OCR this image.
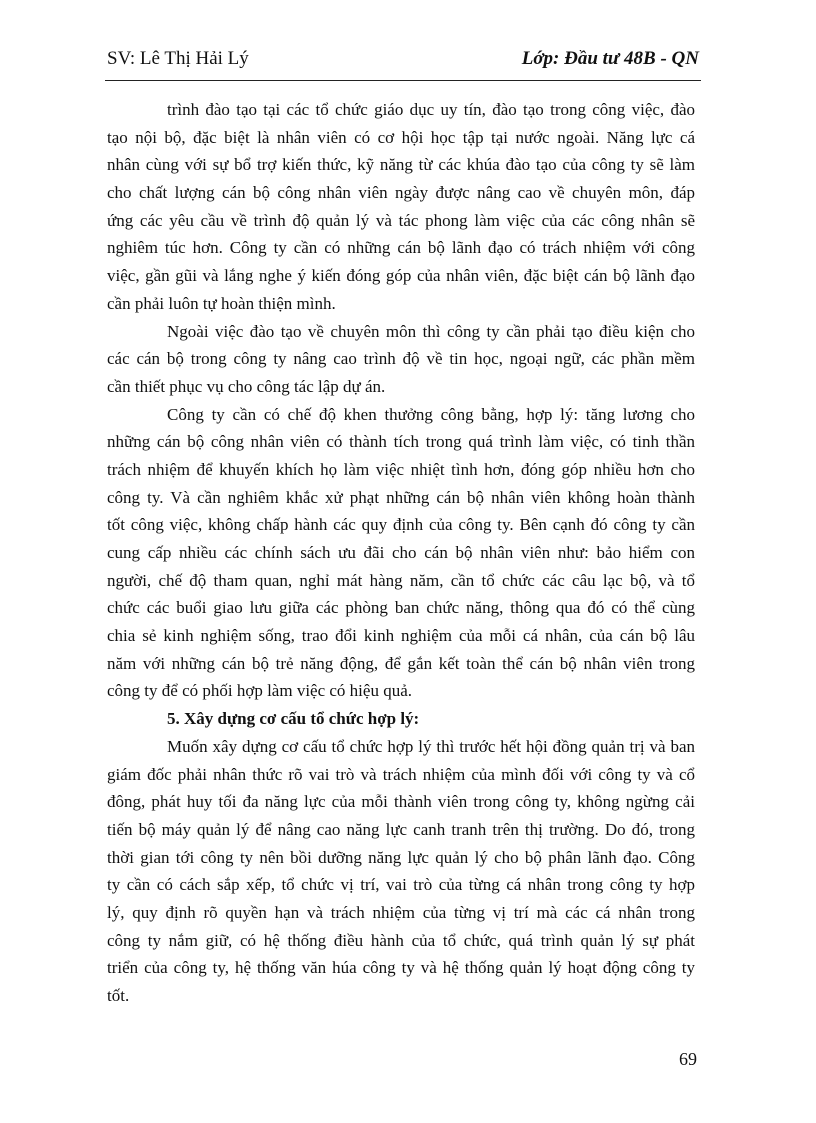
SV: Lê Thị Hải Lý	Lớp: Đầu tư 48B - QN
trình đào tạo tại các tổ chức giáo dục uy tín, đào tạo trong công việc, đào
tạo nội bộ, đặc biệt là nhân viên có cơ hội học tập tại nước ngoài. Năng lực cá
nhân cùng với sự bổ trợ kiến thức, kỹ năng từ các khúa đào tạo của công ty sẽ làm
cho chất lượng cán bộ công nhân viên ngày được nâng cao về chuyên môn, đáp
ứng các yêu cầu về trình độ quản lý và tác phong làm việc của các công nhân sẽ
nghiêm túc hơn. Công ty cần có những cán bộ lãnh đạo có trách nhiệm với công
việc, gần gũi và lắng nghe ý kiến đóng góp của nhân viên, đặc biệt cán bộ lãnh đạo
cần phải luôn tự hoàn thiện mình.
Ngoài việc đào tạo về chuyên môn thì công ty cần phải tạo điều kiện cho
các cán bộ trong công ty nâng cao trình độ về tin học, ngoại ngữ, các phần mềm
cần thiết phục vụ cho công tác lập dự án.
Công ty cần có chế độ khen thưởng công bằng, hợp lý: tăng lương cho
những cán bộ công nhân viên có thành tích trong quá trình làm việc, có tinh thần
trách nhiệm để khuyến khích họ làm việc nhiệt tình hơn, đóng góp nhiều hơn cho
công ty. Và cần nghiêm khắc xử phạt những cán bộ nhân viên không hoàn thành
tốt công việc, không chấp hành các quy định của công ty. Bên cạnh đó công ty cần
cung cấp nhiều các chính sách ưu đãi cho cán bộ nhân viên như: bảo hiểm con
người, chế độ tham quan, nghỉ mát hàng năm, cần tổ chức các câu lạc bộ, và tổ
chức các buổi giao lưu giữa các phòng ban chức năng, thông qua đó có thể cùng
chia sẻ kinh nghiệm sống, trao đổi kinh nghiệm của mỗi cá nhân, của cán bộ lâu
năm với những cán bộ trẻ năng động, để gắn kết toàn thể cán bộ nhân viên trong
công ty để có phối hợp làm việc có hiệu quả.
5. Xây dựng cơ cấu tổ chức hợp lý:
Muốn xây dựng cơ cấu tổ chức hợp lý thì trước hết hội đồng quản trị và ban
giám đốc phải nhân thức rõ vai trò và trách nhiệm của mình đối với công ty và cổ
đông, phát huy tối đa năng lực của mỗi thành viên trong công ty, không ngừng cải
tiến bộ máy quản lý để nâng cao năng lực canh tranh trên thị trường. Do đó, trong
thời gian tới công ty nên bồi dưỡng năng lực quản lý cho bộ phân lãnh đạo. Công
ty cần có cách sắp xếp, tổ chức vị trí, vai trò của từng cá nhân trong công ty hợp
lý, quy định rõ quyền hạn và trách nhiệm của từng vị trí mà các cá nhân trong
công ty nắm giữ, có hệ thống điều hành của tổ chức, quá trình quản lý sự phát
triển của công ty, hệ thống văn húa công ty và hệ thống quản lý hoạt động công ty
tốt.
69
